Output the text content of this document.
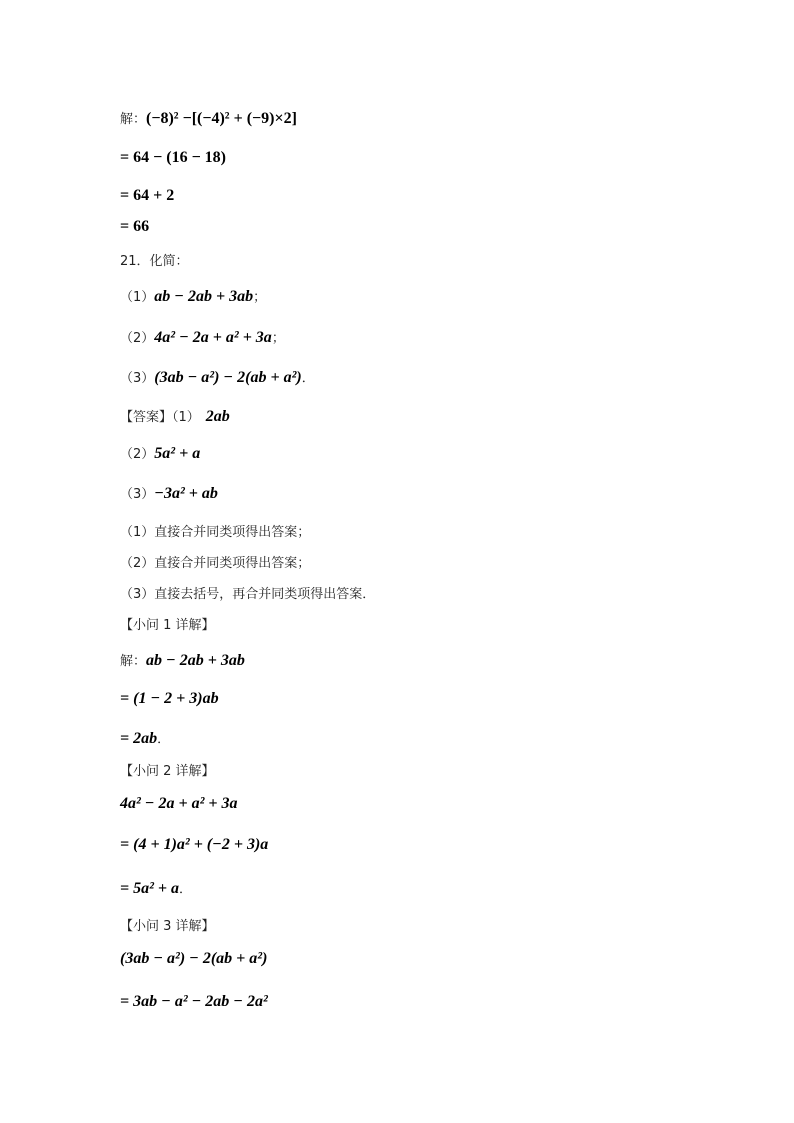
解：(−8)² −[(−4)² + (−9)×2]
= 64 − (16 − 18)
= 64 + 2
= 66
21．化简：
（1）ab − 2ab + 3ab；
（2）4a² − 2a + a² + 3a；
（3）(3ab − a²) − 2(ab + a²)．
【答案】（1） 2ab
（2）5a² + a
（3）−3a² + ab
（1）直接合并同类项得出答案；
（2）直接合并同类项得出答案；
（3）直接去括号，再合并同类项得出答案．
【小问 1 详解】
解：ab − 2ab + 3ab
= (1 − 2 + 3)ab
= 2ab．
【小问 2 详解】
4a² − 2a + a² + 3a
= (4 + 1)a² + (−2 + 3)a
= 5a² + a．
【小问 3 详解】
(3ab − a²) − 2(ab + a²)
= 3ab − a² − 2ab − 2a²
